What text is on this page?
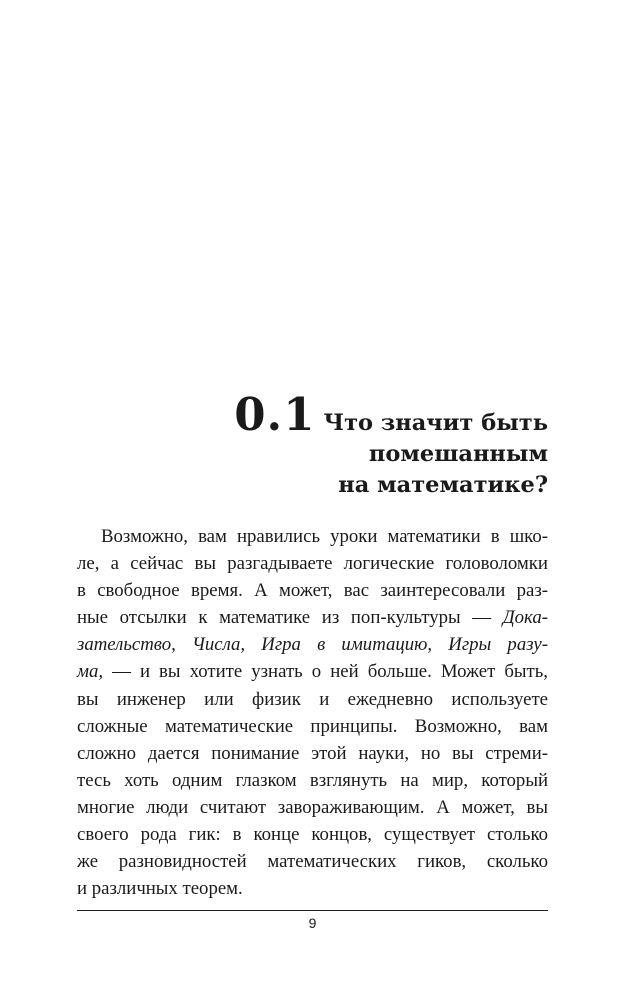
0.1 Что значит быть
помешанным
на математике?
Возможно, вам нравились уроки математики в шко-
ле, а сейчас вы разгадываете логические головоломки
в свободное время. А может, вас заинтересовали раз-
ные отсылки к математике из поп-культуры — Дока-
зательство, Числа, Игра в имитацию, Игры разу-
ма, — и вы хотите узнать о ней больше. Может быть,
вы инженер или физик и ежедневно используете
сложные математические принципы. Возможно, вам
сложно дается понимание этой науки, но вы стреми-
тесь хоть одним глазком взглянуть на мир, который
многие люди считают завораживающим. А может, вы
своего рода гик: в конце концов, существует столько
же разновидностей математических гиков, сколько
и различных теорем.
9
